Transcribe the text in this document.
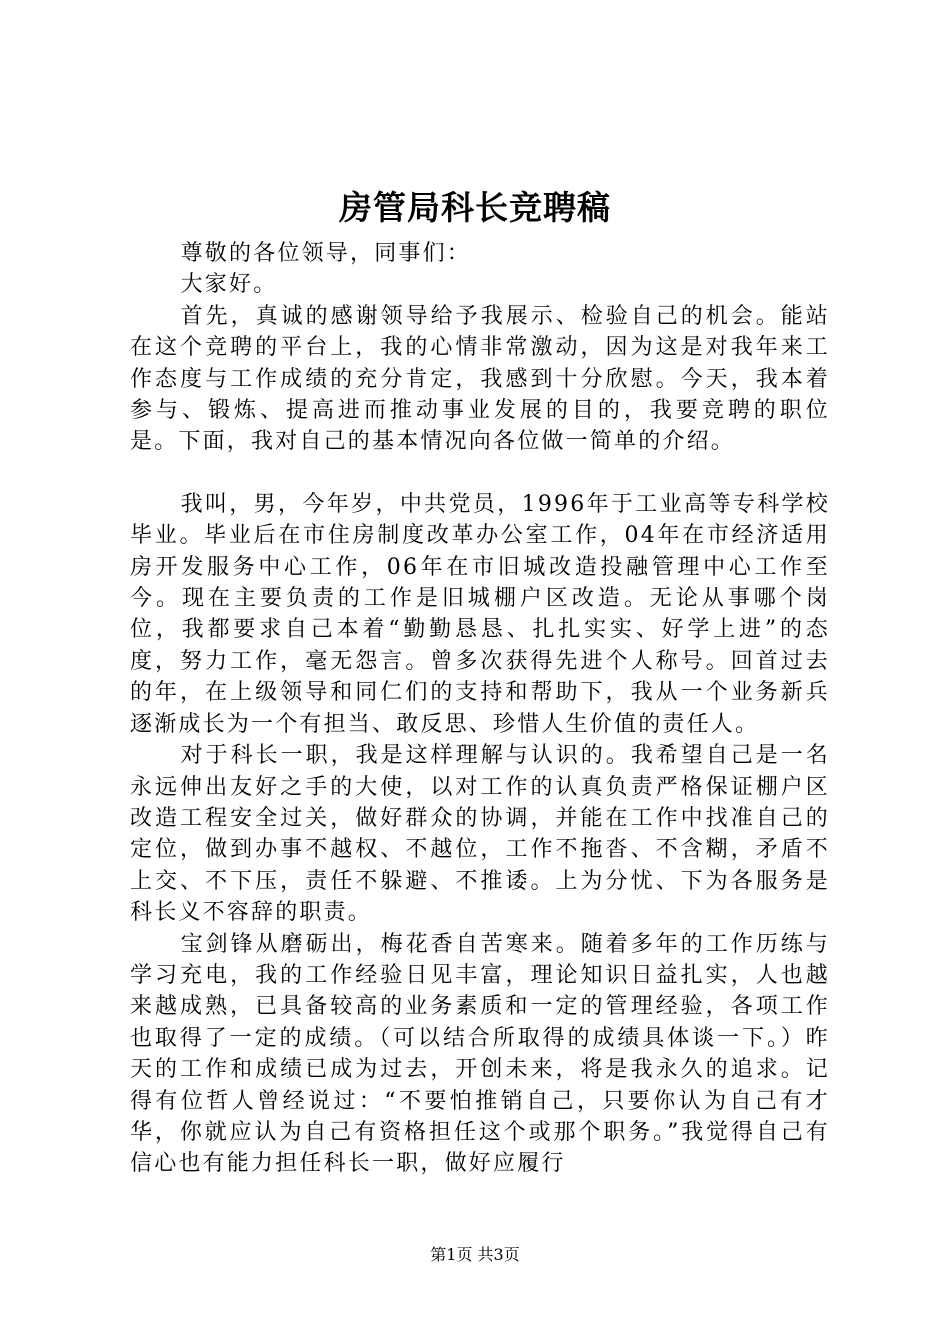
房管局科长竞聘稿

尊敬的各位领导，同事们：

大家好。

首先，真诚的感谢领导给予我展示、检验自己的机会。能站在这个竞聘的平台上，我的心情非常激动，因为这是对我年来工作态度与工作成绩的充分肯定，我感到十分欣慰。今天，我本着参与、锻炼、提高进而推动事业发展的目的，我要竞聘的职位是。下面，我对自己的基本情况向各位做一简单的介绍。

我叫，男，今年岁，中共党员，1996年于工业高等专科学校毕业。毕业后在市住房制度改革办公室工作，04年在市经济适用房开发服务中心工作，06年在市旧城改造投融管理中心工作至今。现在主要负责的工作是旧城棚户区改造。无论从事哪个岗位，我都要求自己本着“勤勤恳恳、扎扎实实、好学上进”的态度，努力工作，毫无怨言。曾多次获得先进个人称号。回首过去的年，在上级领导和同仁们的支持和帮助下，我从一个业务新兵逐渐成长为一个有担当、敢反思、珍惜人生价值的责任人。

对于科长一职，我是这样理解与认识的。我希望自己是一名永远伸出友好之手的大使，以对工作的认真负责严格保证棚户区改造工程安全过关，做好群众的协调，并能在工作中找准自己的定位，做到办事不越权、不越位，工作不拖沓、不含糊，矛盾不上交、不下压，责任不躲避、不推诿。上为分忧、下为各服务是科长义不容辞的职责。

宝剑锋从磨砺出，梅花香自苦寒来。随着多年的工作历练与学习充电，我的工作经验日见丰富，理论知识日益扎实，人也越来越成熟，已具备较高的业务素质和一定的管理经验，各项工作也取得了一定的成绩。（可以结合所取得的成绩具体谈一下。）昨天的工作和成绩已成为过去，开创未来，将是我永久的追求。记得有位哲人曾经说过：“不要怕推销自己，只要你认为自己有才华，你就应认为自己有资格担任这个或那个职务。”我觉得自己有信心也有能力担任科长一职，做好应履行

第1页 共3页
